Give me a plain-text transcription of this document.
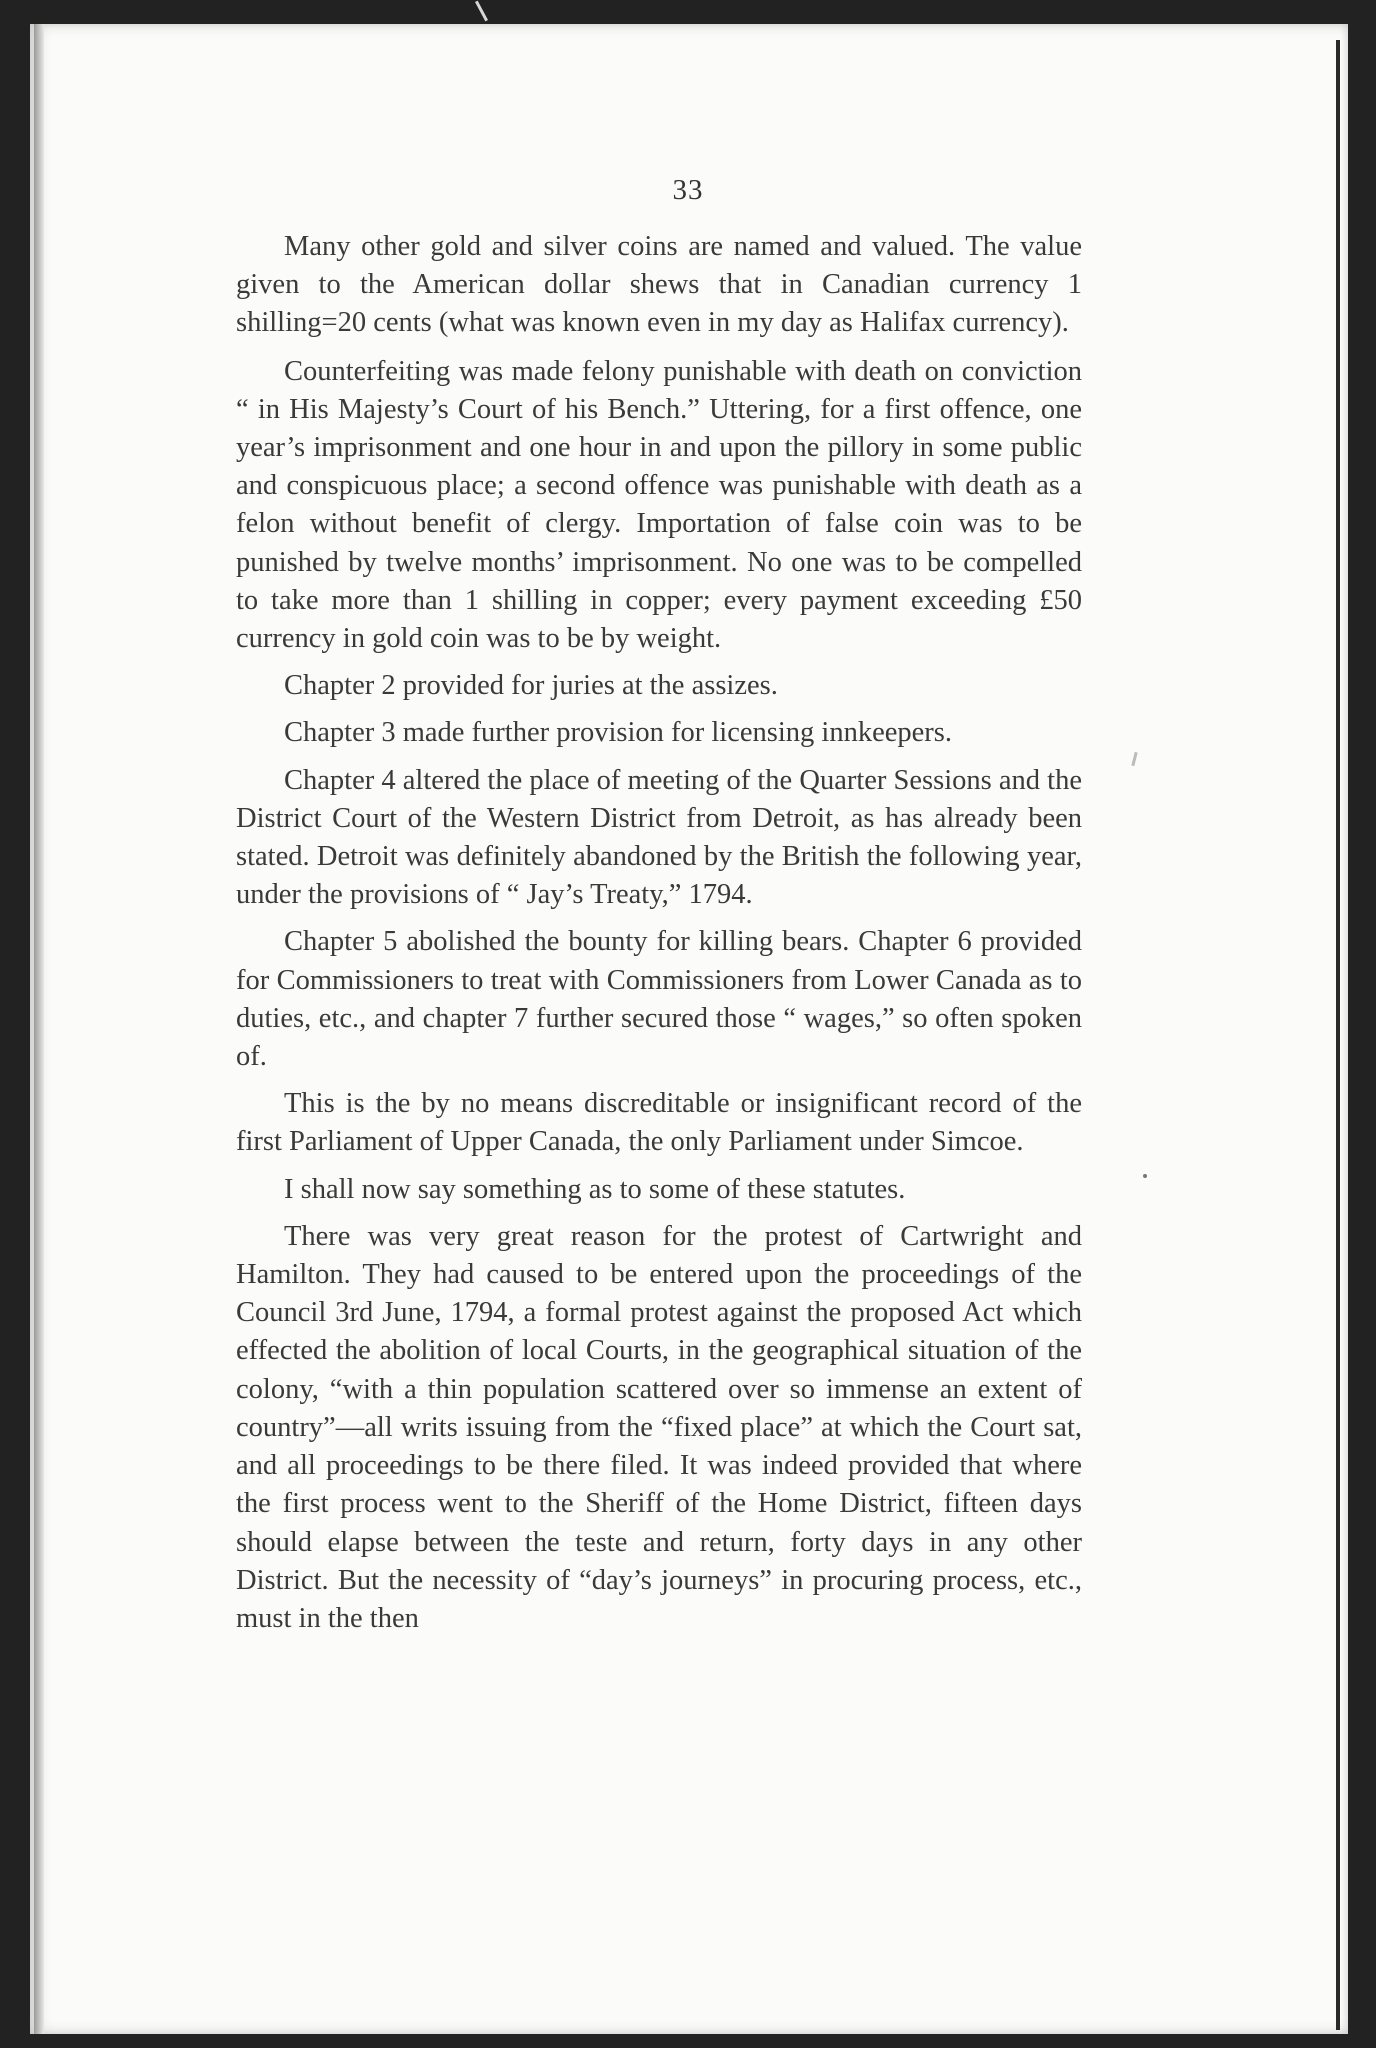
33

Many other gold and silver coins are named and valued. The value given to the American dollar shews that in Canadian currency 1 shilling=20 cents (what was known even in my day as Halifax currency).

Counterfeiting was made felony punishable with death on conviction “ in His Majesty’s Court of his Bench.” Uttering, for a first offence, one year’s imprisonment and one hour in and upon the pillory in some public and conspicuous place; a second offence was punishable with death as a felon without benefit of clergy. Importation of false coin was to be punished by twelve months’ imprisonment. No one was to be compelled to take more than 1 shilling in copper; every payment exceeding £50 currency in gold coin was to be by weight.

Chapter 2 provided for juries at the assizes.

Chapter 3 made further provision for licensing innkeepers.

Chapter 4 altered the place of meeting of the Quarter Sessions and the District Court of the Western District from Detroit, as has already been stated. Detroit was definitely abandoned by the British the following year, under the provisions of “ Jay’s Treaty,” 1794.

Chapter 5 abolished the bounty for killing bears. Chapter 6 provided for Commissioners to treat with Commissioners from Lower Canada as to duties, etc., and chapter 7 further secured those “ wages,” so often spoken of.

This is the by no means discreditable or insignificant record of the first Parliament of Upper Canada, the only Parliament under Simcoe.

I shall now say something as to some of these statutes.

There was very great reason for the protest of Cartwright and Hamilton. They had caused to be entered upon the proceedings of the Council 3rd June, 1794, a formal protest against the proposed Act which effected the abolition of local Courts, in the geographical situation of the colony, “with a thin population scattered over so immense an extent of country”—all writs issuing from the “fixed place” at which the Court sat, and all proceedings to be there filed. It was indeed provided that where the first process went to the Sheriff of the Home District, fifteen days should elapse between the teste and return, forty days in any other District. But the necessity of “day’s journeys” in procuring process, etc., must in the then
